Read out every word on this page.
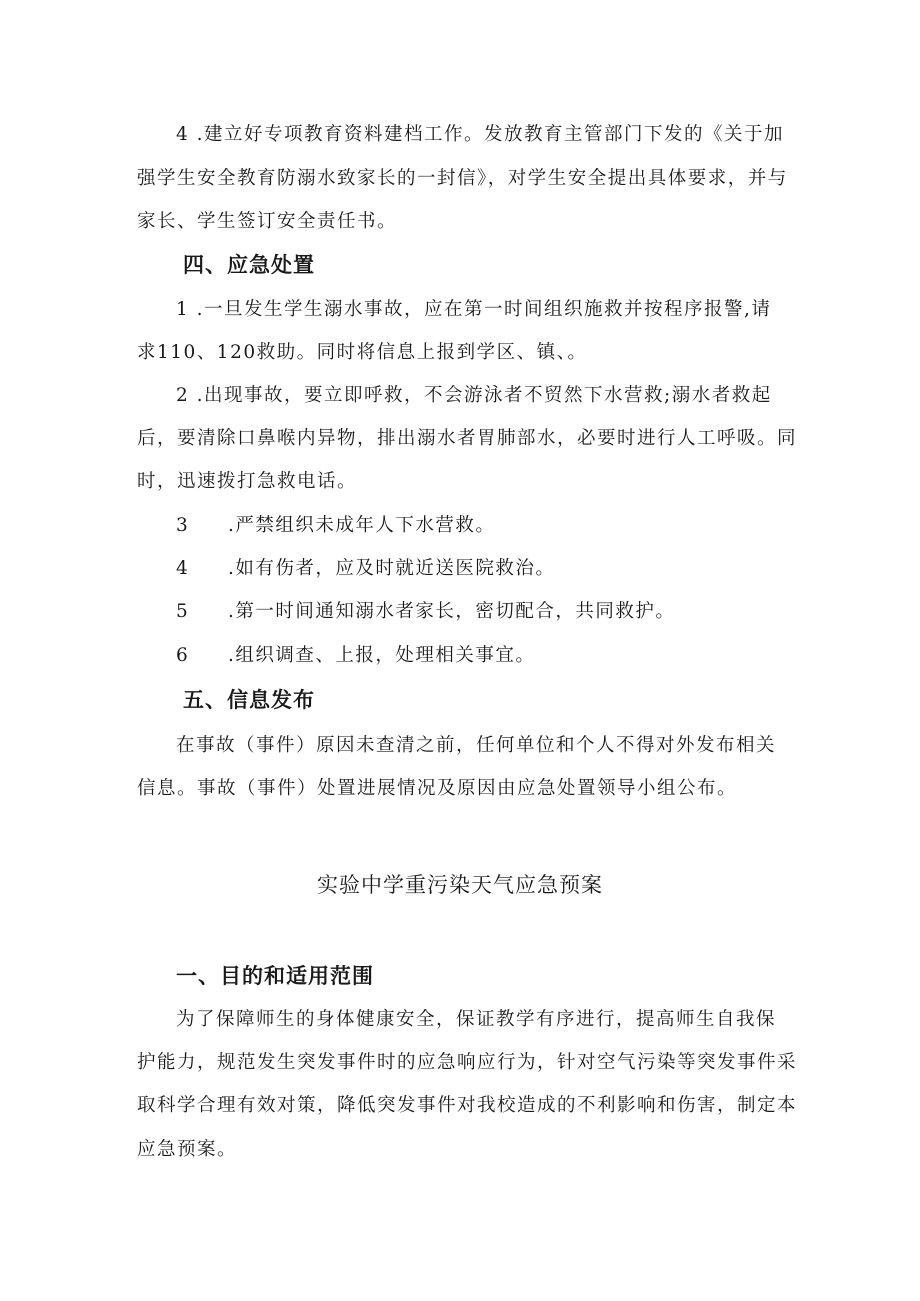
4 .建立好专项教育资料建档工作。发放教育主管部门下发的《关于加
强学生安全教育防溺水致家长的一封信》，对学生安全提出具体要求，并与
家长、学生签订安全责任书。
四、应急处置
1 .一旦发生学生溺水事故，应在第一时间组织施救并按程序报警,请
求110、120救助。同时将信息上报到学区、镇、。
2 .出现事故，要立即呼救，不会游泳者不贸然下水营救;溺水者救起
后，要清除口鼻喉内异物，排出溺水者胃肺部水，必要时进行人工呼吸。同
时，迅速拨打急救电话。
3 .严禁组织未成年人下水营救。
4 .如有伤者，应及时就近送医院救治。
5 .第一时间通知溺水者家长，密切配合，共同救护。
6 .组织调查、上报，处理相关事宜。
五、信息发布
在事故（事件）原因未查清之前，任何单位和个人不得对外发布相关
信息。事故（事件）处置进展情况及原因由应急处置领导小组公布。
实验中学重污染天气应急预案
一、目的和适用范围
为了保障师生的身体健康安全，保证教学有序进行，提高师生自我保
护能力，规范发生突发事件时的应急响应行为，针对空气污染等突发事件采
取科学合理有效对策，降低突发事件对我校造成的不利影响和伤害，制定本
应急预案。
